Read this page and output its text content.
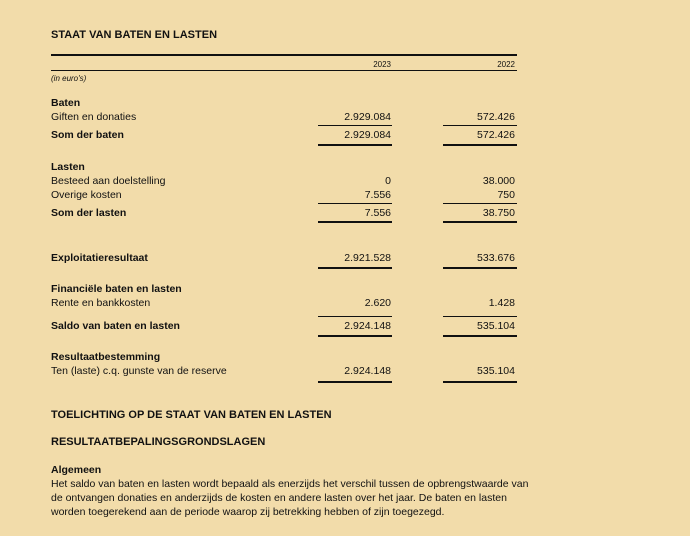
STAAT VAN BATEN EN LASTEN
2023	2022
(in euro's)
Baten
Giften en donaties	2.929.084	572.426
Som der baten	2.929.084	572.426
Lasten
Besteed aan doelstelling	0	38.000
Overige kosten	7.556	750
Som der lasten	7.556	38.750
Exploitatieresultaat	2.921.528	533.676
Financiële baten en lasten
Rente en bankkosten	2.620	1.428
Saldo van baten en lasten	2.924.148	535.104
Resultaatbestemming
Ten (laste) c.q. gunste van de reserve	2.924.148	535.104
TOELICHTING OP DE STAAT VAN BATEN EN LASTEN
RESULTAATBEPALINGSGRONDSLAGEN
Algemeen
Het saldo van baten en lasten wordt bepaald als enerzijds het verschil tussen de opbrengstwaarde van
de ontvangen donaties en anderzijds de kosten en andere lasten over het jaar. De baten en lasten
worden toegerekend aan de periode waarop zij betrekking hebben of zijn toegezegd.
